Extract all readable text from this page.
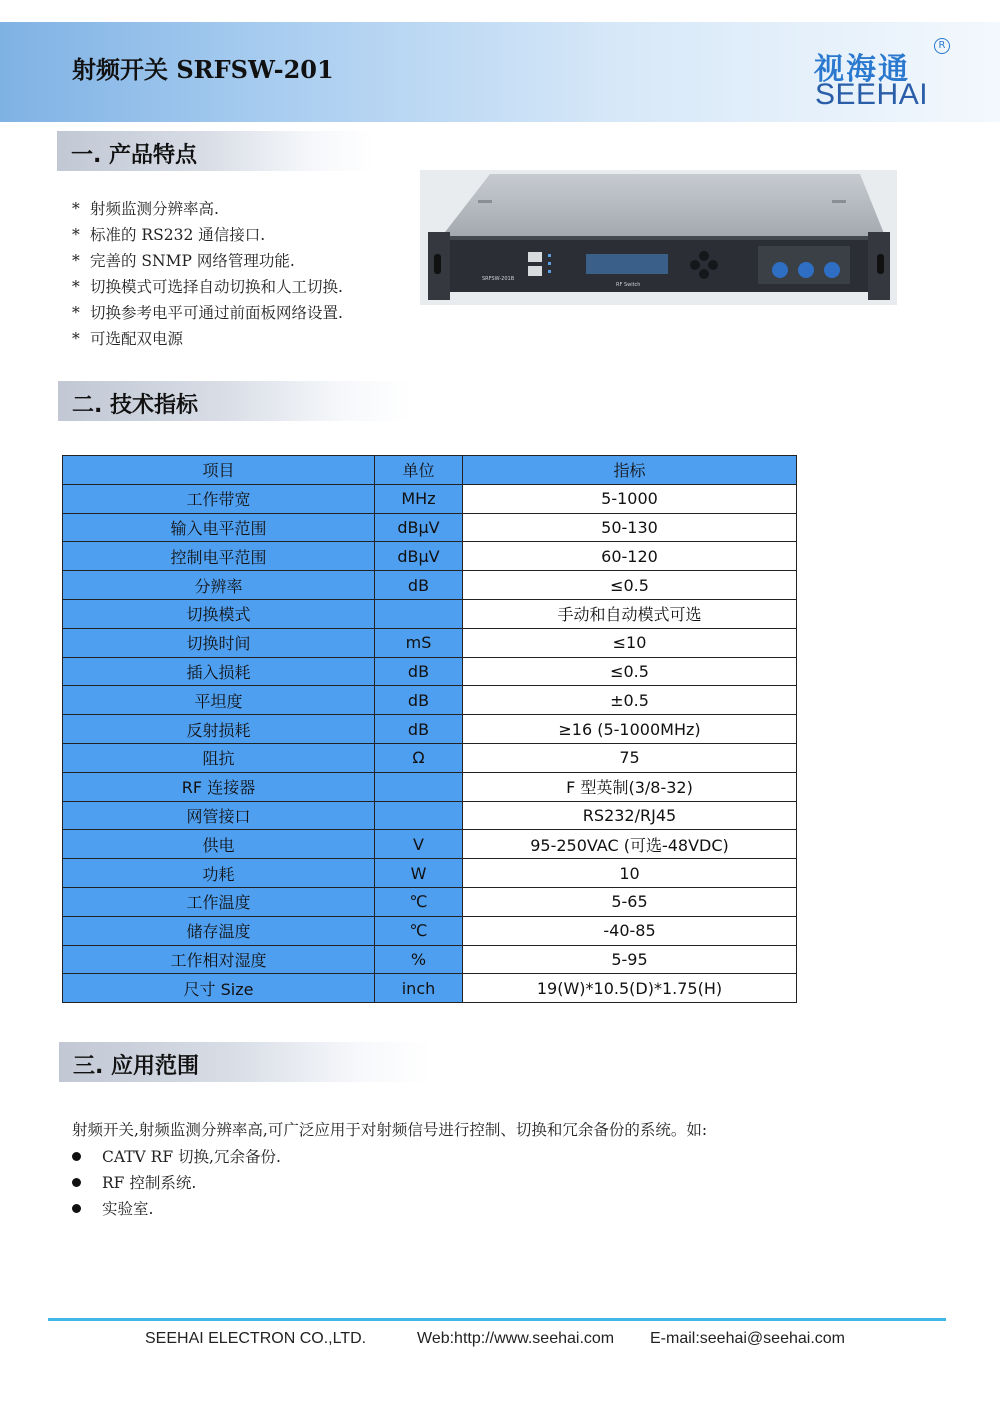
射频开关 SRFSW-201	视海通
R
SEEHAI
一. 产品特点
* 射频监测分辨率高.
* 标准的 RS232 通信接口.
* 完善的 SNMP 网络管理功能.
* 切换模式可选择自动切换和人工切换.
* 切换参考电平可通过前面板网络设置.
* 可选配双电源
SRFSW-201B
RF Switch
二. 技术指标
项目	单位	指标
工作带宽	MHz	5-1000
输入电平范围	dBμV	50-130
控制电平范围	dBμV	60-120
分辨率	dB	≤0.5
切换模式		手动和自动模式可选
切换时间	mS	≤10
插入损耗	dB	≤0.5
平坦度	dB	±0.5
反射损耗	dB	≥16 (5-1000MHz)
阻抗	Ω	75
RF 连接器		F 型英制(3/8-32)
网管接口		RS232/RJ45
供电	V	95-250VAC (可选-48VDC)
功耗	W	10
工作温度	℃	5-65
储存温度	℃	-40-85
工作相对湿度	%	5-95
尺寸 Size	inch	19(W)*10.5(D)*1.75(H)
三. 应用范围
射频开关,射频监测分辨率高,可广泛应用于对射频信号进行控制、切换和冗余备份的系统。如:
CATV RF 切换,冗余备份.
RF 控制系统.
实验室.
SEEHAI ELECTRON CO.,LTD.	Web:http://www.seehai.com E-mail:seehai@seehai.com
